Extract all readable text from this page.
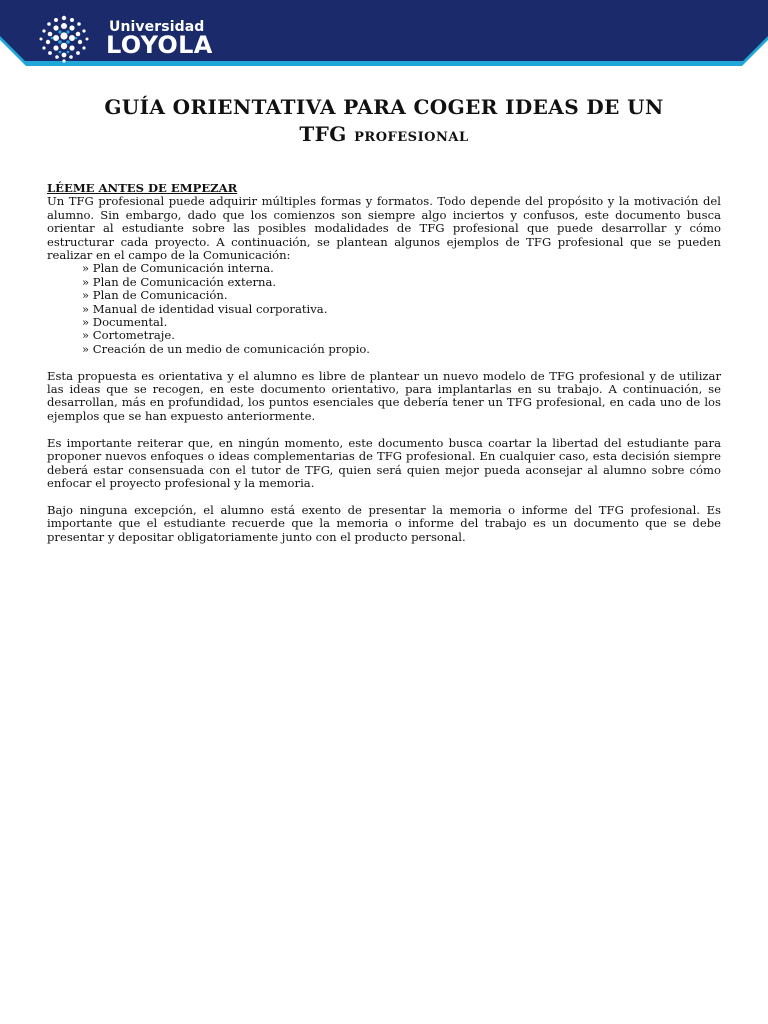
Universidad
LOYOLA
GUÍA ORIENTATIVA PARA COGER IDEAS DE UN
TFG PROFESIONAL

LÉEME ANTES DE EMPEZAR

Un TFG profesional puede adquirir múltiples formas y formatos. Todo depende del propósito y la motivación del alumno. Sin embargo, dado que los comienzos son siempre algo inciertos y confusos, este documento busca orientar al estudiante sobre las posibles modalidades de TFG profesional que puede desarrollar y cómo estructurar cada proyecto. A continuación, se plantean algunos ejemplos de TFG profesional que se pueden realizar en el campo de la Comunicación:

» Plan de Comunicación interna.
» Plan de Comunicación externa.
» Plan de Comunicación.
» Manual de identidad visual corporativa.
» Documental.
» Cortometraje.
» Creación de un medio de comunicación propio.

Esta propuesta es orientativa y el alumno es libre de plantear un nuevo modelo de TFG profesional y de utilizar las ideas que se recogen, en este documento orientativo, para implantarlas en su trabajo. A continuación, se desarrollan, más en profundidad, los puntos esenciales que debería tener un TFG profesional, en cada uno de los ejemplos que se han expuesto anteriormente.

Es importante reiterar que, en ningún momento, este documento busca coartar la libertad del estudiante para proponer nuevos enfoques o ideas complementarias de TFG profesional. En cualquier caso, esta decisión siempre deberá estar consensuada con el tutor de TFG, quien será quien mejor pueda aconsejar al alumno sobre cómo enfocar el proyecto profesional y la memoria.

Bajo ninguna excepción, el alumno está exento de presentar la memoria o informe del TFG profesional. Es importante que el estudiante recuerde que la memoria o informe del trabajo es un documento que se debe presentar y depositar obligatoriamente junto con el producto personal.
